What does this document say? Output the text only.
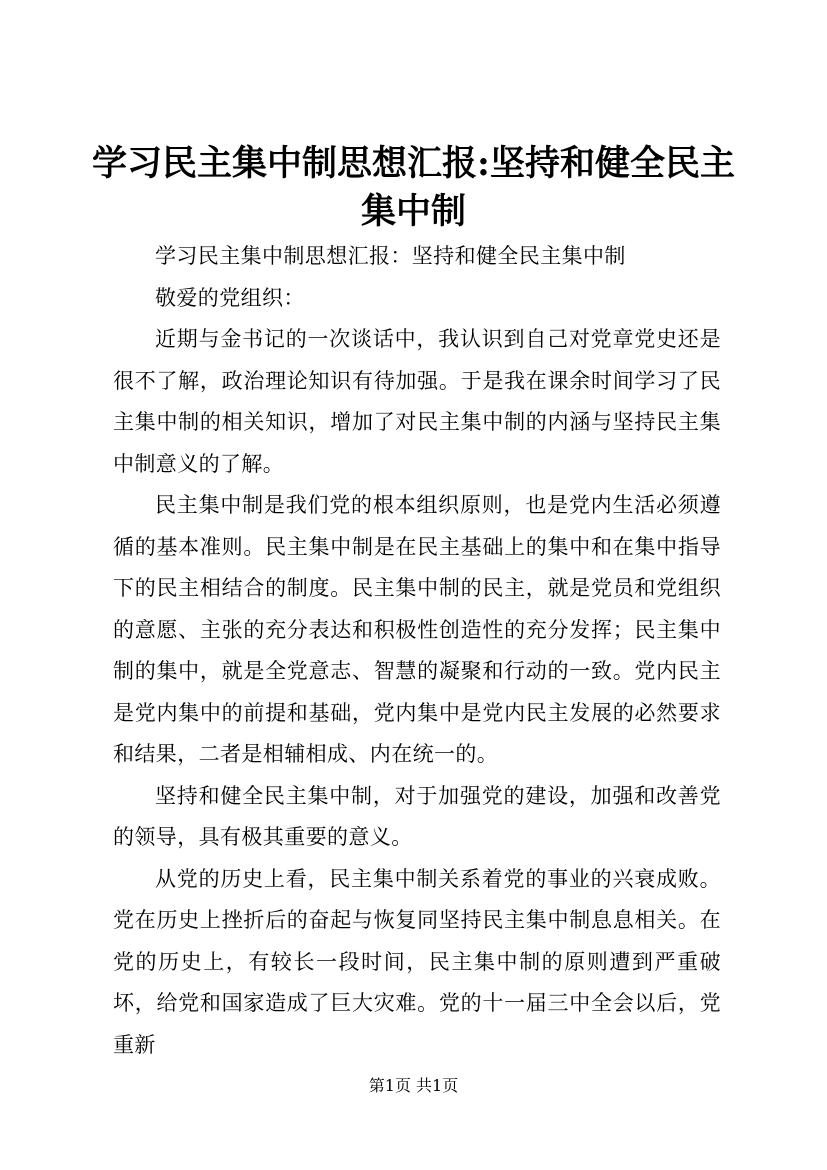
学习民主集中制思想汇报:坚持和健全民主集中制

学习民主集中制思想汇报：坚持和健全民主集中制

敬爱的党组织：

近期与金书记的一次谈话中，我认识到自己对党章党史还是很不了解，政治理论知识有待加强。于是我在课余时间学习了民主集中制的相关知识，增加了对民主集中制的内涵与坚持民主集中制意义的了解。

民主集中制是我们党的根本组织原则，也是党内生活必须遵循的基本准则。民主集中制是在民主基础上的集中和在集中指导下的民主相结合的制度。民主集中制的民主，就是党员和党组织的意愿、主张的充分表达和积极性创造性的充分发挥；民主集中制的集中，就是全党意志、智慧的凝聚和行动的一致。党内民主是党内集中的前提和基础，党内集中是党内民主发展的必然要求和结果，二者是相辅相成、内在统一的。

坚持和健全民主集中制，对于加强党的建设，加强和改善党的领导，具有极其重要的意义。

从党的历史上看，民主集中制关系着党的事业的兴衰成败。党在历史上挫折后的奋起与恢复同坚持民主集中制息息相关。在党的历史上，有较长一段时间，民主集中制的原则遭到严重破坏，给党和国家造成了巨大灾难。党的十一届三中全会以后，党重新

第1页 共1页
